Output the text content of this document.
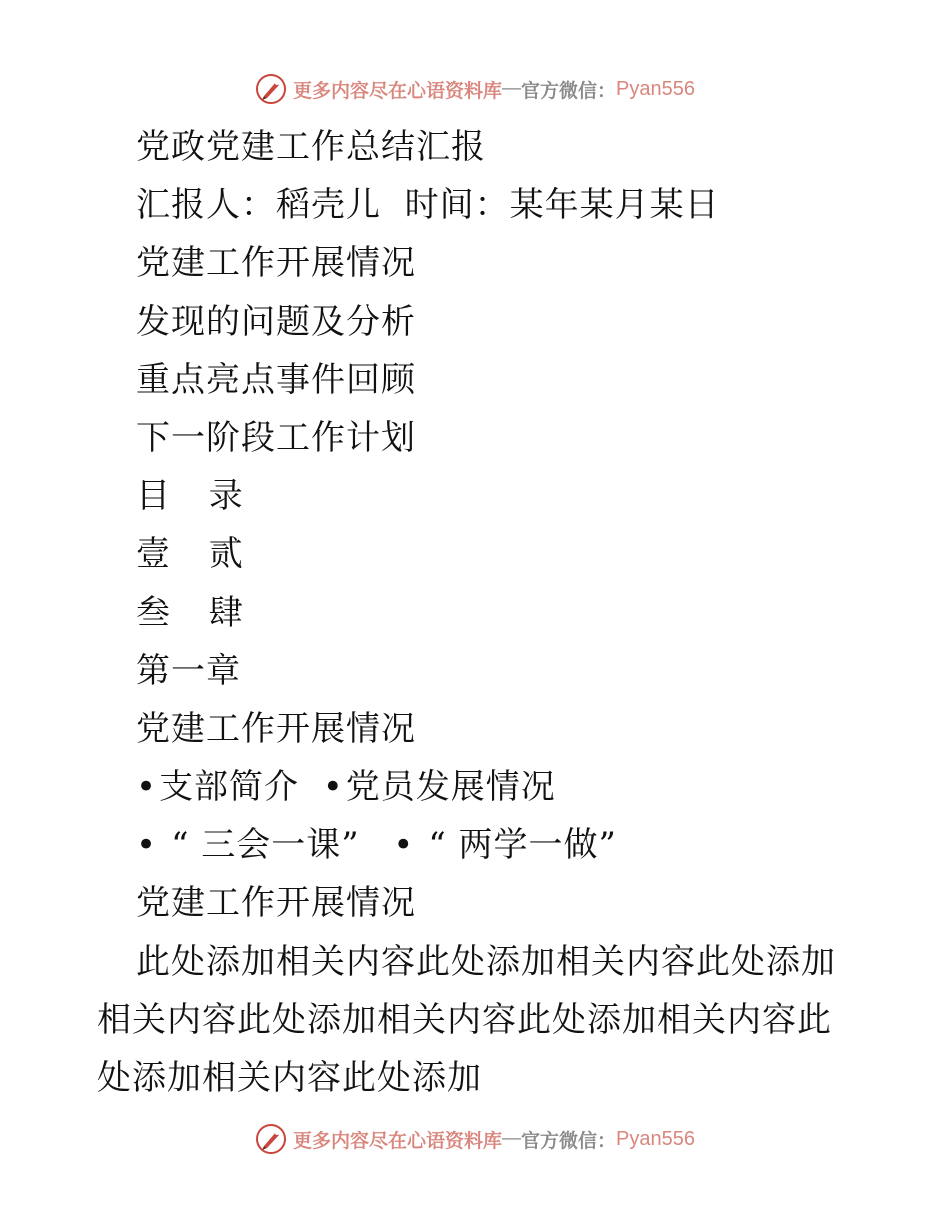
更多内容尽在心语资料库 — 官方微信： Pyan556
党政党建工作总结汇报
汇报人：稻壳儿  时间：某年某月某日
党建工作开展情况
发现的问题及分析
重点亮点事件回顾
下一阶段工作计划
目 录
壹 贰
叁 肆
第一章
党建工作开展情况
•支部简介  •党员发展情况
• “ 三会一课”  • “ 两学一做”
党建工作开展情况
此处添加相关内容此处添加相关内容此处添加相关内容此处添加相关内容此处添加相关内容此处添加相关内容此处添加
更多内容尽在心语资料库 — 官方微信： Pyan556
